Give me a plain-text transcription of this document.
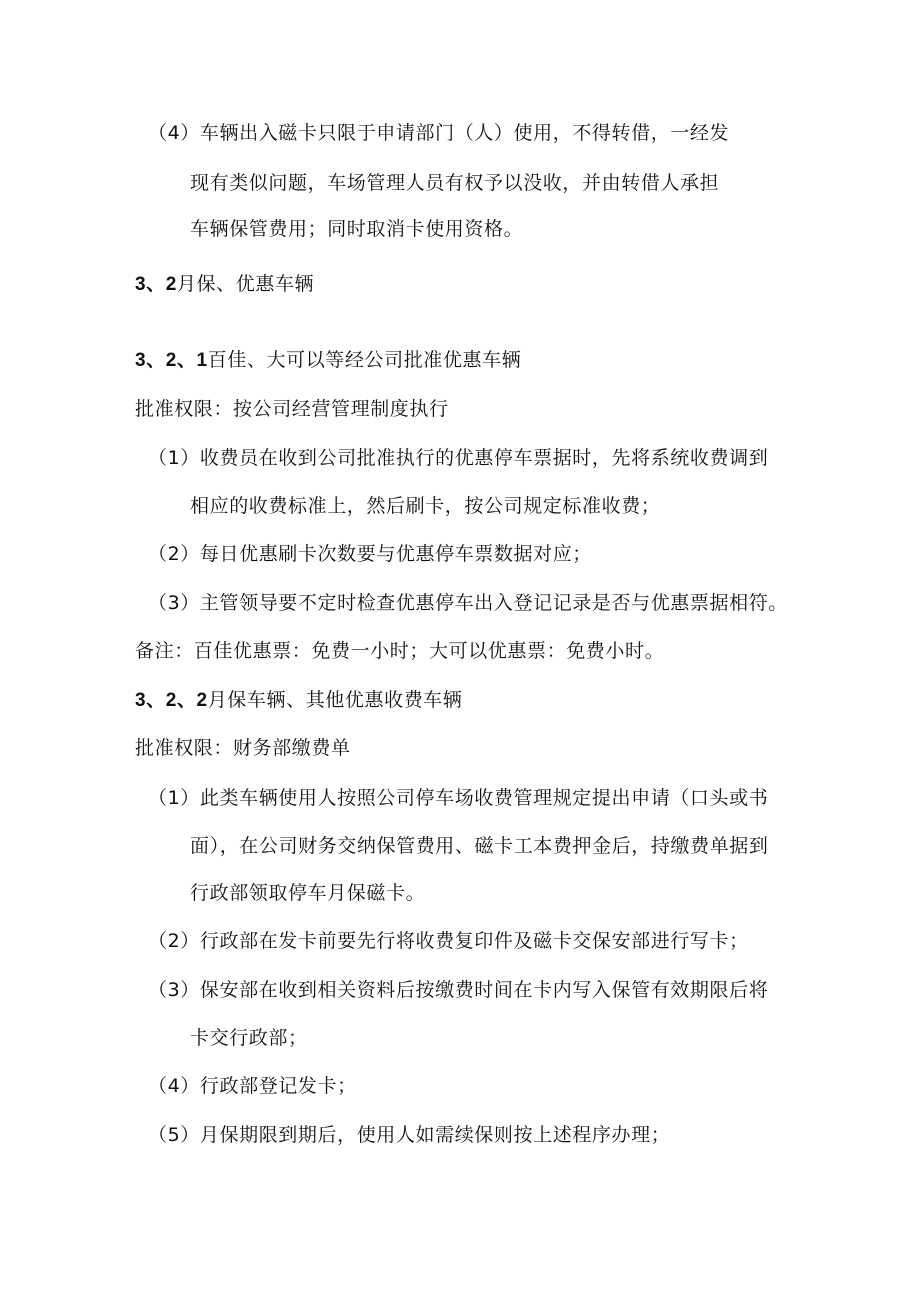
（4）车辆出入磁卡只限于申请部门（人）使用，不得转借，一经发
现有类似问题，车场管理人员有权予以没收，并由转借人承担
车辆保管费用；同时取消卡使用资格。
3、2月保、优惠车辆
3、2、1百佳、大可以等经公司批准优惠车辆
批准权限：按公司经营管理制度执行
（1）收费员在收到公司批准执行的优惠停车票据时，先将系统收费调到
相应的收费标准上，然后刷卡，按公司规定标准收费；
（2）每日优惠刷卡次数要与优惠停车票数据对应；
（3）主管领导要不定时检查优惠停车出入登记记录是否与优惠票据相符。
备注：百佳优惠票：免费一小时；大可以优惠票：免费小时。
3、2、2月保车辆、其他优惠收费车辆
批准权限：财务部缴费单
（1）此类车辆使用人按照公司停车场收费管理规定提出申请（口头或书
面），在公司财务交纳保管费用、磁卡工本费押金后，持缴费单据到
行政部领取停车月保磁卡。
（2）行政部在发卡前要先行将收费复印件及磁卡交保安部进行写卡；
（3）保安部在收到相关资料后按缴费时间在卡内写入保管有效期限后将
卡交行政部；
（4）行政部登记发卡；
（5）月保期限到期后，使用人如需续保则按上述程序办理；
